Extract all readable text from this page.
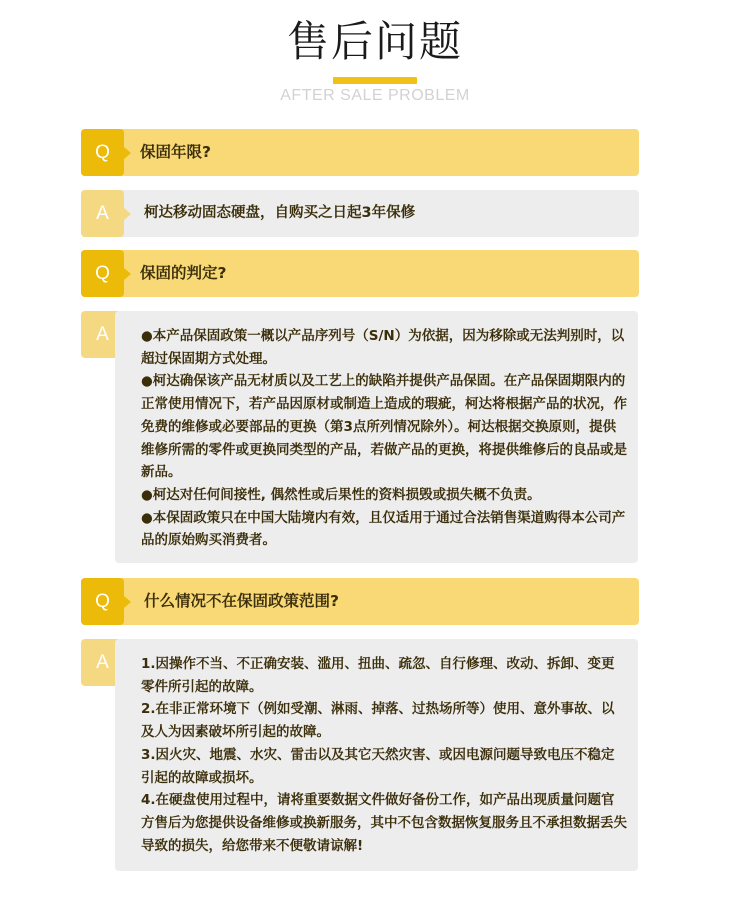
售后问题
AFTER SALE PROBLEM
Q	保固年限?
A	柯达移动固态硬盘，自购买之日起3年保修
Q	保固的判定?
A	●本产品保固政策一概以产品序列号（S/N）为依据，因为移除或无法判别时，以超过保固期方式处理。

●柯达确保该产品无材质以及工艺上的缺陷并提供产品保固。在产品保固期限内的正常使用情况下，若产品因原材或制造上造成的瑕疵，柯达将根据产品的状况，作免费的维修或必要部品的更换（第3点所列情况除外）。柯达根据交换原则，提供维修所需的零件或更换同类型的产品，若做产品的更换，将提供维修后的良品或是新品。

●柯达对任何间接性, 偶然性或后果性的资料损毁或损失概不负责。

●本保固政策只在中国大陆境内有效，且仅适用于通过合法销售渠道购得本公司产品的原始购买消费者。

Q	什么情况不在保固政策范围?
A	1.因操作不当、不正确安装、滥用、扭曲、疏忽、自行修理、改动、拆卸、变更零件所引起的故障。

2.在非正常环境下（例如受潮、淋雨、掉落、过热场所等）使用、意外事故、以及人为因素破坏所引起的故障。

3.因火灾、地震、水灾、雷击以及其它天然灾害、或因电源问题导致电压不稳定引起的故障或损坏。

4.在硬盘使用过程中，请将重要数据文件做好备份工作，如产品出现质量问题官方售后为您提供设备维修或换新服务，其中不包含数据恢复服务且不承担数据丢失导致的损失，给您带来不便敬请谅解!
